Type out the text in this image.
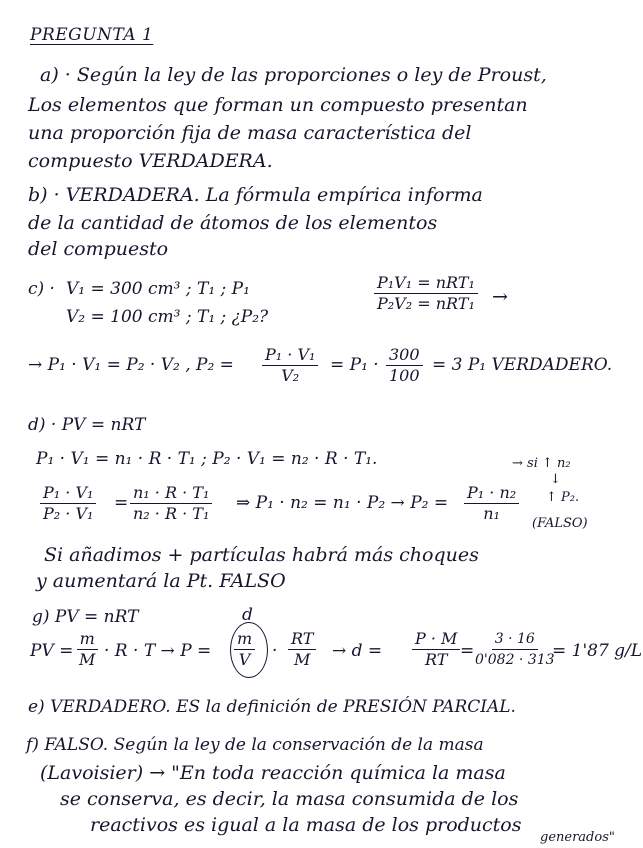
PREGUNTA 1
a) · Según la ley de las proporciones o ley de Proust,
Los elementos que forman un compuesto presentan
una proporción fija de masa característica del
compuesto VERDADERA.
b) · VERDADERA. La fórmula empírica informa
de la cantidad de átomos de los elementos
del compuesto
c) · V₁ = 300 cm³ ; T₁ ; P₁
V₂ = 100 cm³ ; T₁ ; ¿P₂?
P₁V₁ = nRT₁
P₂V₂ = nRT₁ →
→ P₁ · V₁ = P₂ · V₂ , $P_2 = \frac{\text{P₁ · V₁}}{\text{V₂}} = P_1 \cdot \frac{300}{100} = 3$ P₁ VERDADERO.
d) · PV = nRT
P₁ · V₁ = n₁ · R · T₁ ; P₂ · V₁ = n₂ · R · T₁.
$\frac{\text{P₁ · V₁}}{\text{P₂ · V₁}} = \frac{\text{n₁ · R · T₁}}{\text{n₂ · R · T₁}}$ ⇒ $P_1 \cdot n_2 = n_1 \cdot P_2 \to P_2 = \frac{\text{P₁ · n₂}}{\text{n₁}}$
→ si ↑ n₂
↓
↑ P₂.
(FALSO)
Si añadimos + partículas habrá más choques
y aumentará la Pt. FALSO
g) PV = nRT
PV = $\frac{m}{M} \cdot R \cdot T \to P$ =
d
$\frac{m}{V} \cdot \frac{RT}{M} \to d = \frac{P \cdot M}{RT}$ =
$\frac{3 \cdot 16}{0'082 \cdot 313}$
= 1'87 g/L
e) VERDADERO. ES la definición de PRESIÓN PARCIAL.
f) FALSO. Según la ley de la conservación de la masa
(Lavoisier) → "En toda reacción química la masa
se conserva, es decir, la masa consumida de los
reactivos es igual a la masa de los productos
generados"
